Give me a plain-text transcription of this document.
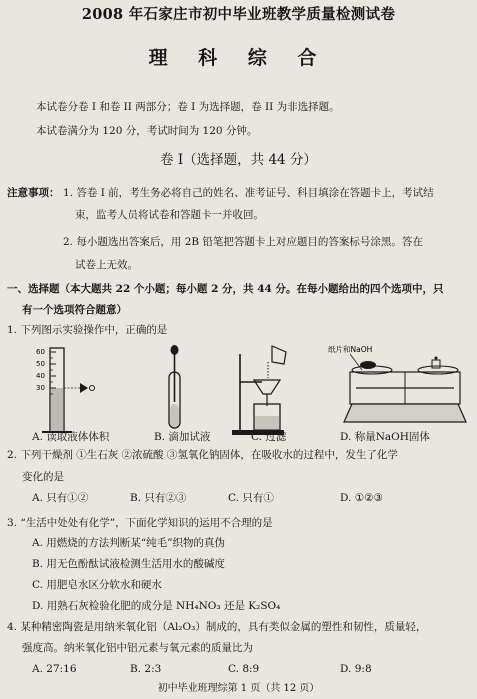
2008 年石家庄市初中毕业班教学质量检测试卷
理 科 综 合
本试卷分卷 I 和卷 II 两部分；卷 I 为选择题，卷 II 为非选择题。
本试卷满分为 120 分，考试时间为 120 分钟。
卷 I（选择题，共 44 分）
注意事项： 1. 答卷 I 前，考生务必将自己的姓名、准考证号、科目填涂在答题卡上，考试结
束，监考人员将试卷和答题卡一并收回。
2. 每小题选出答案后，用 2B 铅笔把答题卡上对应题目的答案标号涂黑。答在
试卷上无效。
一、选择题（本大题共 22 个小题；每小题 2 分，共 44 分。在每小题给出的四个选项中，只
有一个选项符合题意）
1. 下列图示实验操作中，正确的是
60
50
40
30
纸片和NaOH
A. 读取液体体积	B. 滴加试液	C. 过滤	D. 称量NaOH固体
2. 下列干燥剂 ①生石灰 ②浓硫酸 ③氢氧化钠固体，在吸收水的过程中，发生了化学
变化的是
A. 只有①②	B. 只有②③	C. 只有①	D. ①②③
3. “生活中处处有化学”，下面化学知识的运用不合理的是
A. 用燃烧的方法判断某“纯毛”织物的真伪
B. 用无色酚酞试液检测生活用水的酸碱度
C. 用肥皂水区分软水和硬水
D. 用熟石灰检验化肥的成分是 NH₄NO₃ 还是 K₂SO₄
4. 某种精密陶瓷是用纳米氧化铝（Al₂O₃）制成的，具有类似金属的塑性和韧性，质量轻，
强度高。纳米氧化铝中铝元素与氧元素的质量比为
A. 27:16	B. 2:3	C. 8:9	D. 9:8
初中毕业班理综第 1 页（共 12 页）
